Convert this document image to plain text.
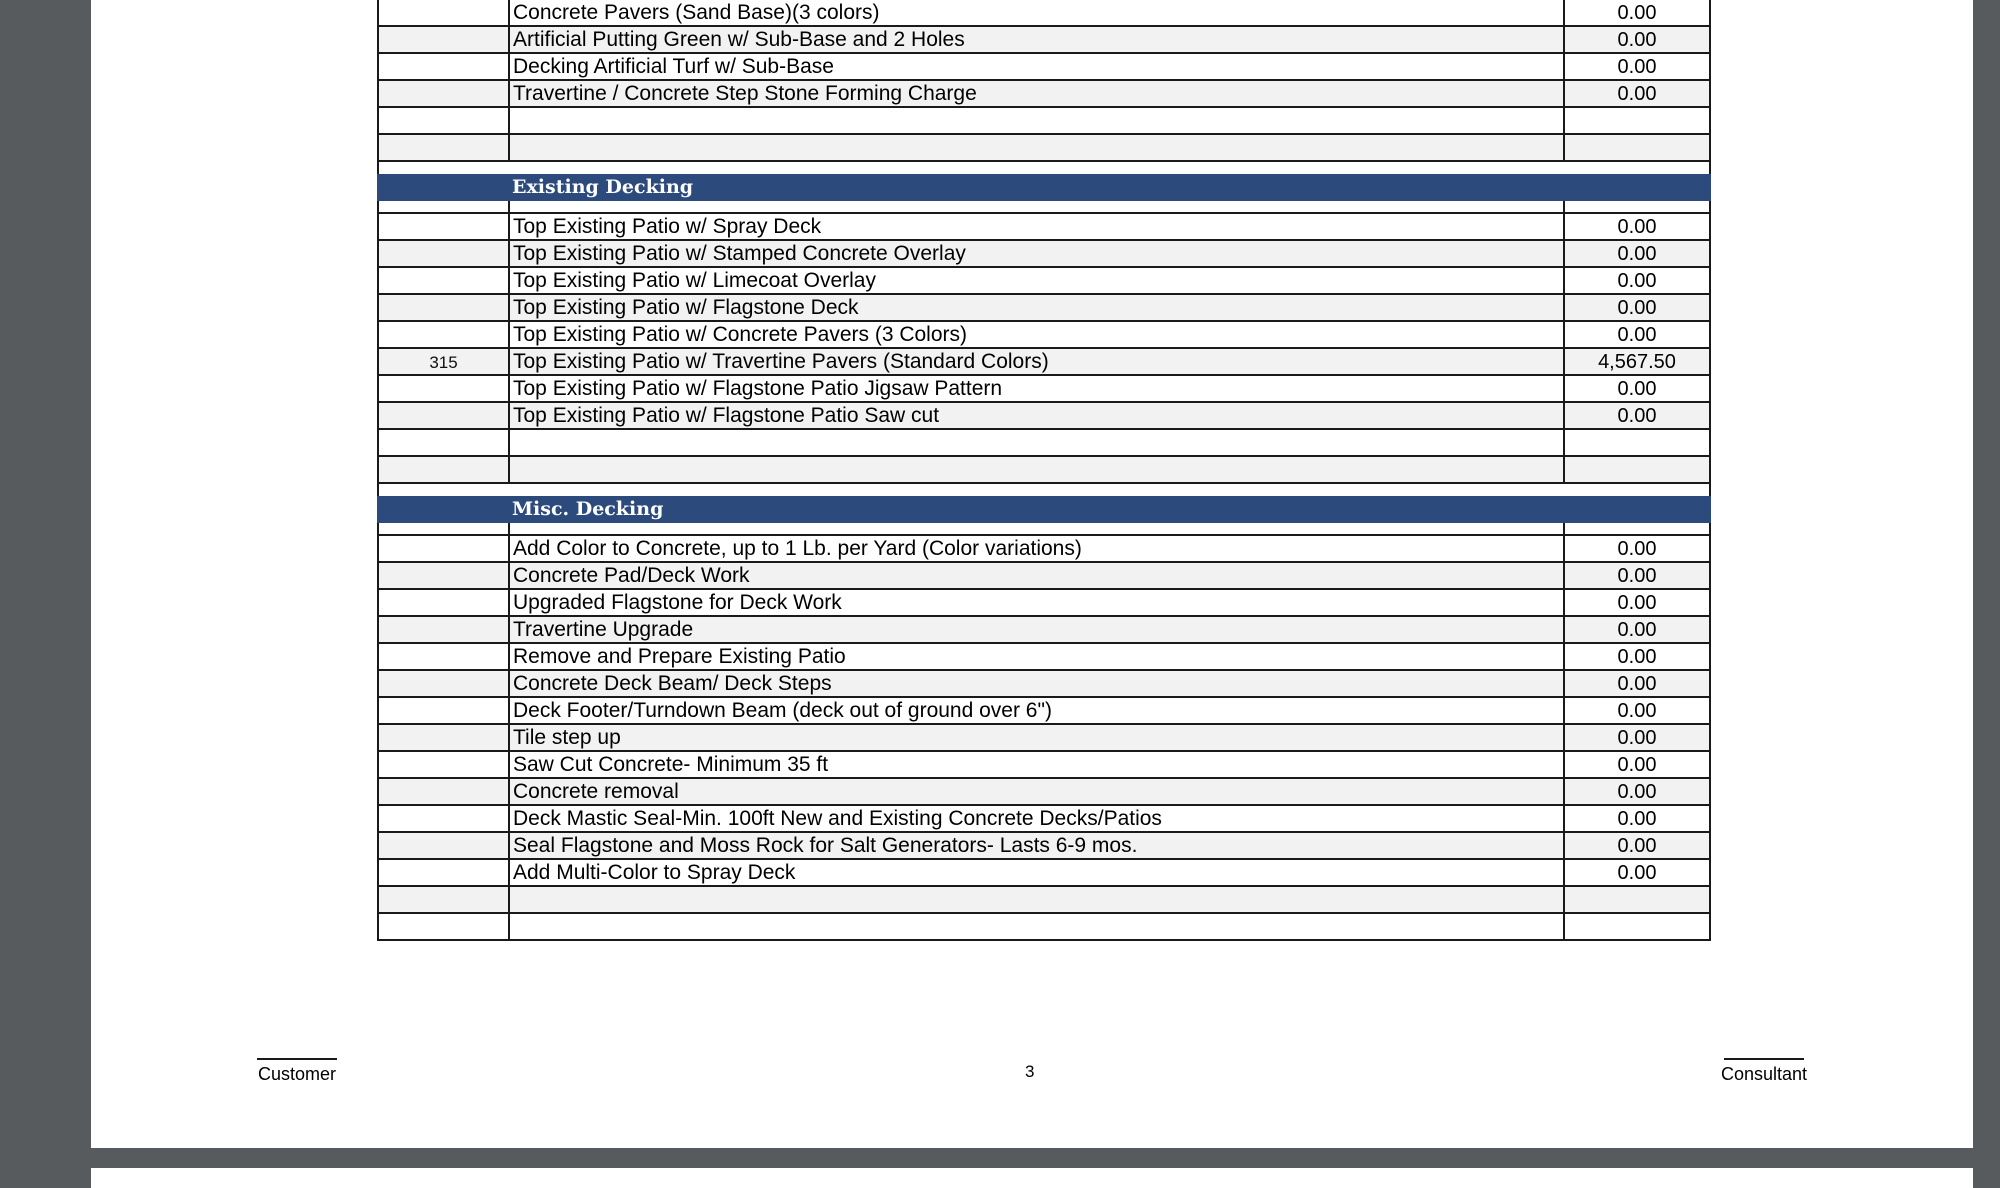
Concrete Pavers (Sand Base)(3 colors)	0.00
Artificial Putting Green w/ Sub-Base and 2 Holes	0.00
Decking Artificial Turf w/ Sub-Base	0.00
Travertine / Concrete Step Stone Forming Charge	0.00
Existing Decking
Top Existing Patio w/ Spray Deck	0.00
Top Existing Patio w/ Stamped Concrete Overlay	0.00
Top Existing Patio w/ Limecoat Overlay	0.00
Top Existing Patio w/ Flagstone Deck	0.00
Top Existing Patio w/ Concrete Pavers (3 Colors)	0.00
315	Top Existing Patio w/ Travertine Pavers (Standard Colors)	4,567.50
Top Existing Patio w/ Flagstone Patio Jigsaw Pattern	0.00
Top Existing Patio w/ Flagstone Patio Saw cut	0.00
Misc. Decking
Add Color to Concrete, up to 1 Lb. per Yard (Color variations)	0.00
Concrete Pad/Deck Work	0.00
Upgraded Flagstone for Deck Work	0.00
Travertine Upgrade	0.00
Remove and Prepare Existing Patio	0.00
Concrete Deck Beam/ Deck Steps	0.00
Deck Footer/Turndown Beam (deck out of ground over 6")	0.00
Tile step up	0.00
Saw Cut Concrete- Minimum 35 ft	0.00
Concrete removal	0.00
Deck Mastic Seal-Min. 100ft New and Existing Concrete Decks/Patios	0.00
Seal Flagstone and Moss Rock for Salt Generators- Lasts 6-9 mos.	0.00
Add Multi-Color to Spray Deck	0.00
Customer	3	Consultant
